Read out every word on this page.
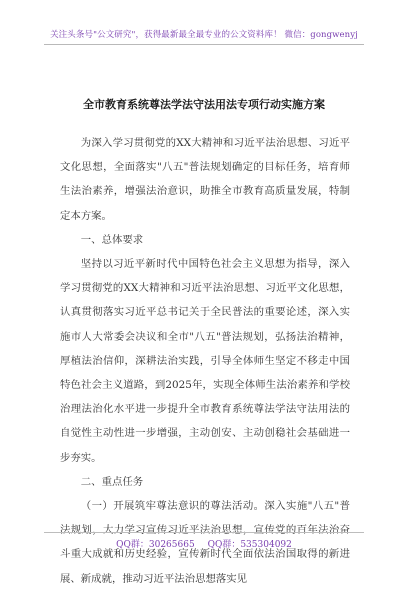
关注头条号"公文研究"，获得最新最全最专业的公文资料库！ 微信：gongwenyj
全市教育系统尊法学法守法用法专项行动实施方案

为深入学习贯彻党的XX大精神和习近平法治思想、习近平文化思想，全面落实"八五"普法规划确定的目标任务，培育师生法治素养，增强法治意识，助推全市教育高质量发展，特制定本方案。

一、总体要求

坚持以习近平新时代中国特色社会主义思想为指导，深入学习贯彻党的XX大精神和习近平法治思想、习近平文化思想，认真贯彻落实习近平总书记关于全民普法的重要论述，深入实施市人大常委会决议和全市"八五"普法规划，弘扬法治精神，厚植法治信仰，深耕法治实践，引导全体师生坚定不移走中国特色社会主义道路，到2025年，实现全体师生法治素养和学校治理法治化水平进一步提升全市教育系统尊法学法守法用法的自觉性主动性进一步增强，主动创安、主动创稳社会基础进一步夯实。

二、重点任务

（一）开展筑牢尊法意识的尊法活动。深入实施"八五"普法规划，大力学习宣传习近平法治思想，宣传党的百年法治奋斗重大成就和历史经验，宣传新时代全面依法治国取得的新进展、新成就，推动习近平法治思想落实见

QQ群：30265665 QQ群：535304092
